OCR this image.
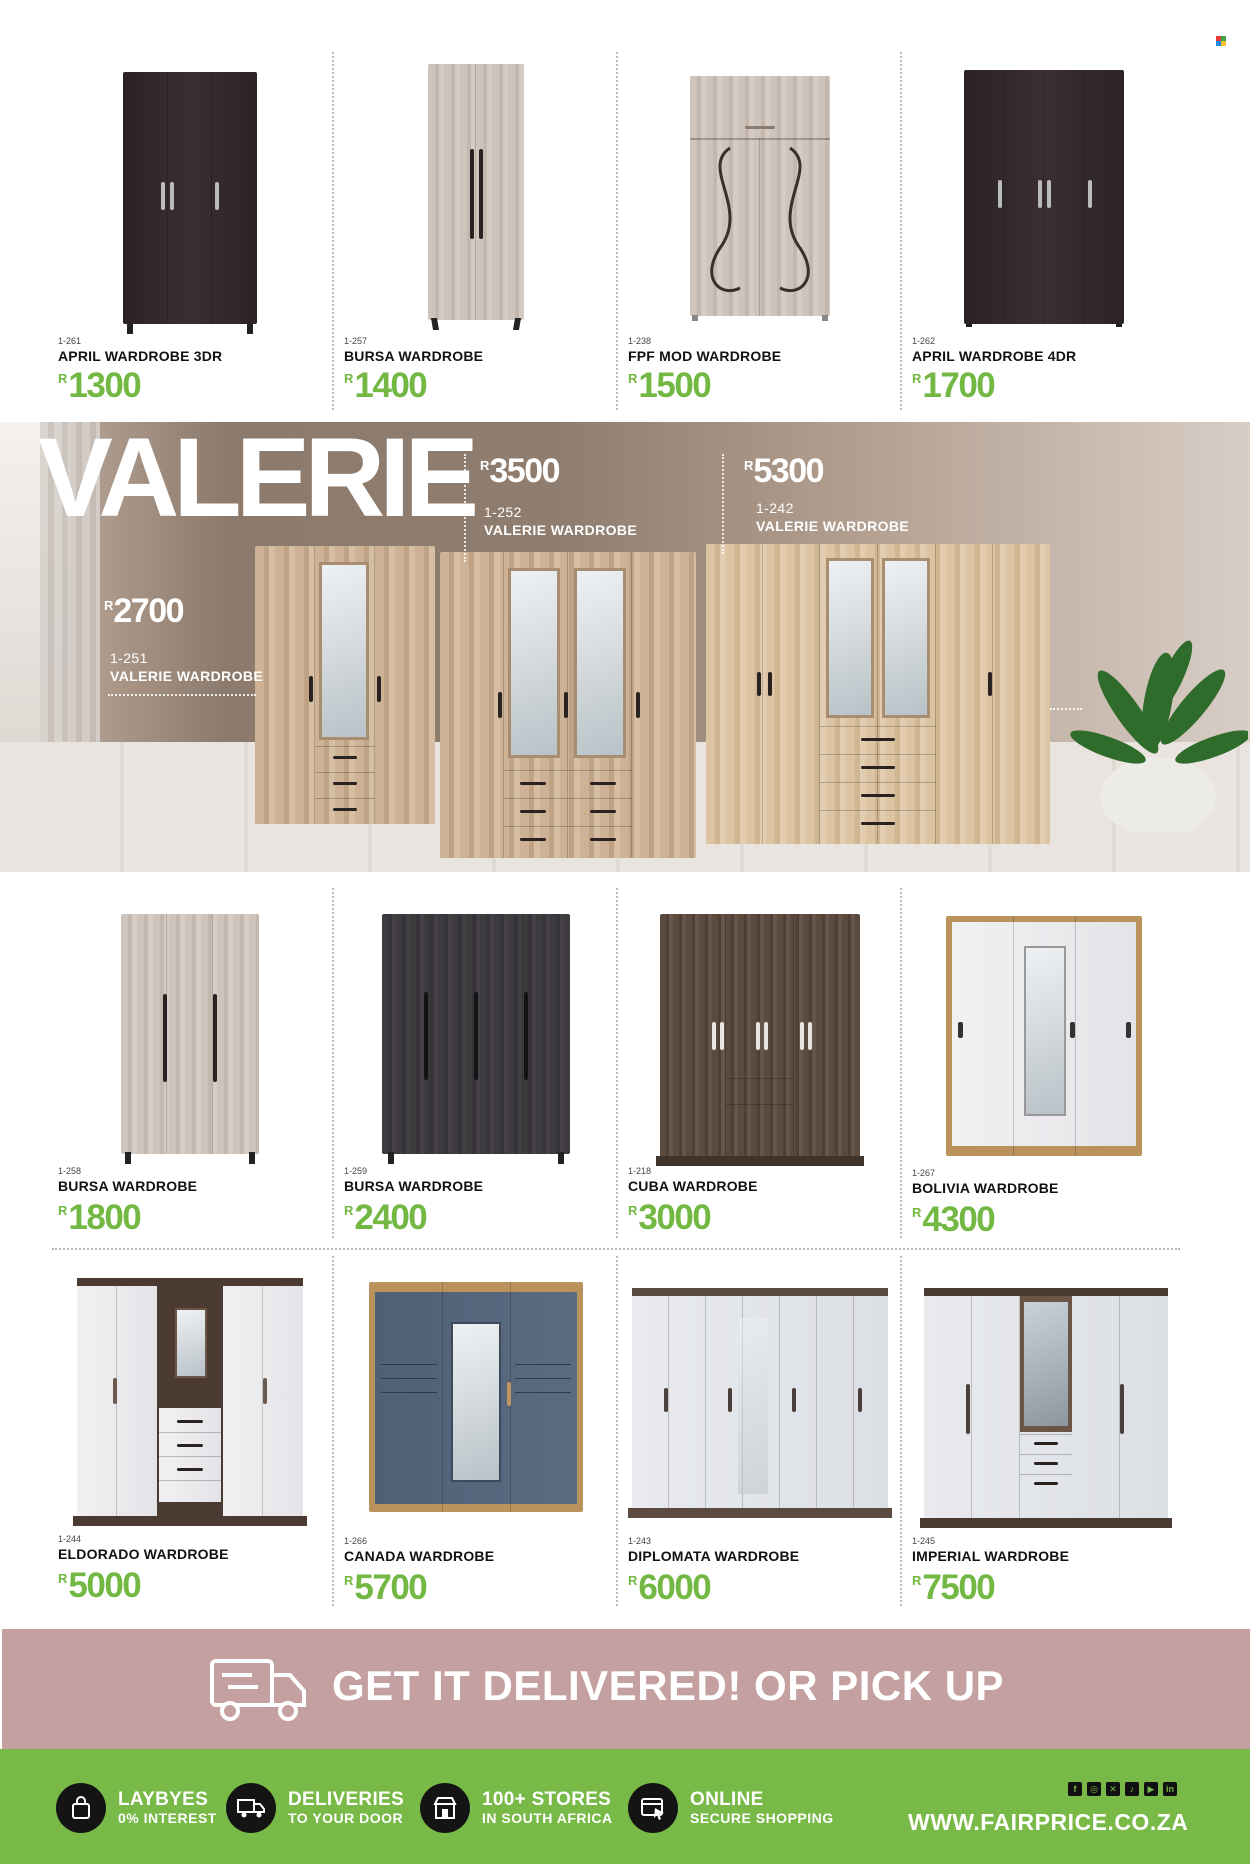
1-261
APRIL WARDROBE 3DR
R 1300
1-257
BURSA WARDROBE
R 1400
1-238
FPF MOD WARDROBE
R 1500
1-262
APRIL WARDROBE 4DR
R 1700
VALERIE
R 2700
1-251
VALERIE WARDROBE
R 3500
1-252
VALERIE WARDROBE
R 5300
1-242
VALERIE WARDROBE
1-258
BURSA WARDROBE
R 1800
1-259
BURSA WARDROBE
R 2400
1-218
CUBA WARDROBE
R 3000
1-267
BOLIVIA WARDROBE
R 4300
1-244
ELDORADO WARDROBE
R 5000
1-266
CANADA WARDROBE
R 5700
1-243
DIPLOMATA WARDROBE
R 6000
1-245
IMPERIAL WARDROBE
R 7500
GET IT DELIVERED! OR PICK UP
LAYBYES
0% INTEREST
DELIVERIES
TO YOUR DOOR
100+ STORES
IN SOUTH AFRICA
ONLINE
SECURE SHOPPING
f	◎	✕	♪	▶	in
WWW.FAIRPRICE.CO.ZA
